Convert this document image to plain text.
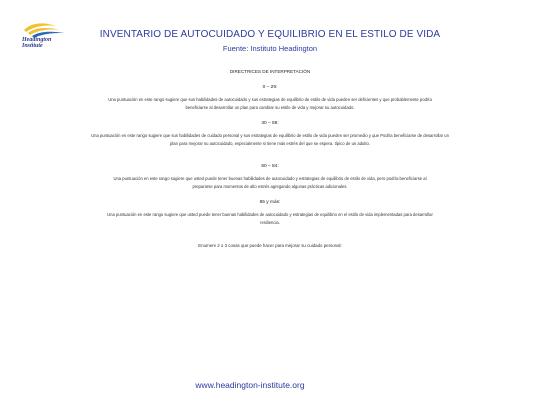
Headington
Institute
INVENTARIO DE AUTOCUIDADO Y EQUILIBRIO EN EL ESTILO DE VIDA
Fuente: Instituto Headington
DIRECTRICES DE INTERPRETACIÓN
0 – 29:
Una puntuación en este rango sugiere que sus habilidades de autocuidado y sus estrategias de equilibrio de estilo de vida pueden ser deficientes y que probablemente podría beneficiarse al desarrollar un plan para cambiar su estilo de vida y mejorar su autocuidado.
30 – 59:
Una puntuación en este rango sugiere que sus habilidades de cuidado personal y sus estrategias de equilibrio de estilo de vida pueden ser promedio y que Podría beneficiarse de desarrollar un plan para mejorar su autocuidado, especialmente si tiene más estrés del que se espera. típico de un adulto.
60 – 84:
Una puntuación en este rango sugiere que usted puede tener buenas habilidades de autocuidado y estrategias de equilibrio de estilo de vida, pero podría beneficiarse al prepararse para momentos de alto estrés agregando algunas prácticas adicionales.
85 y más:
Una puntuación en este rango sugiere que usted puede tener buenas habilidades de autocuidado y estrategias de equilibrio en el estilo de vida implementadas para desarrollar resiliencia.
Enumere 2 o 3 cosas que puede hacer para mejorar su cuidado personal:
www.headington-institute.org
